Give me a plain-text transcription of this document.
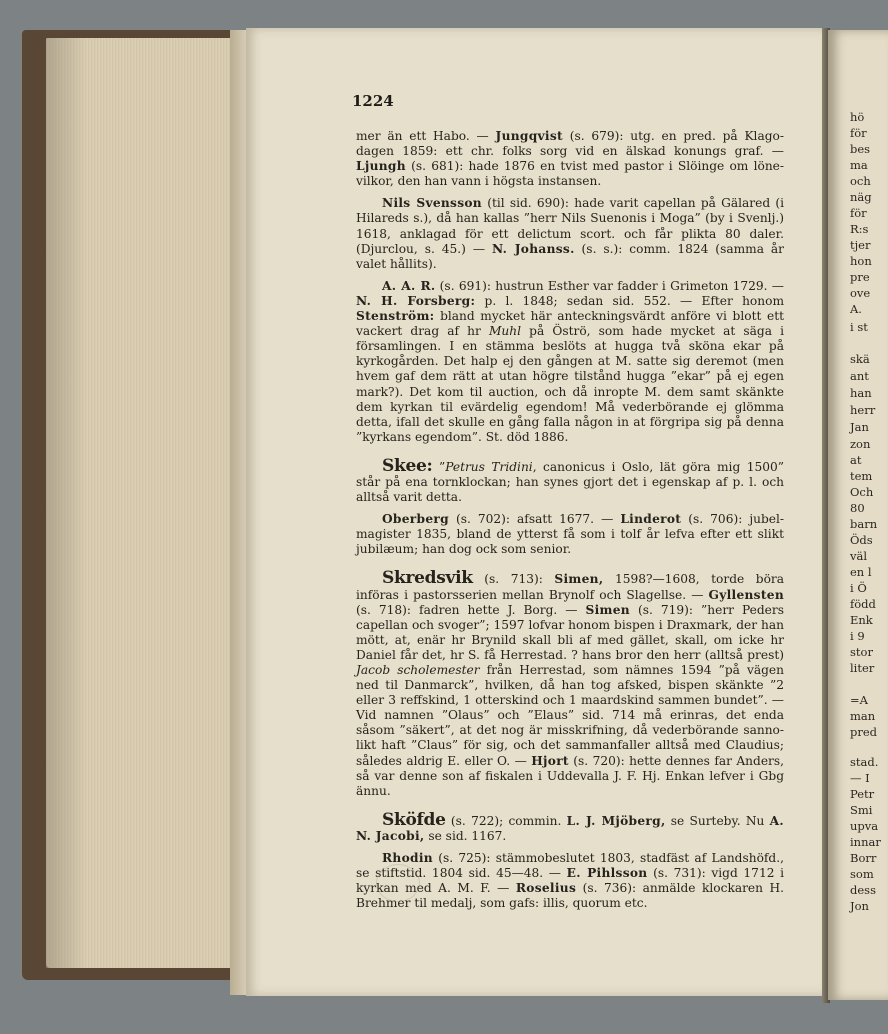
hö
för
bes
ma
och
näg
för
R:s
tjer
hon
pre
ove
A.
i st
skä
ant
han
herr
Jan
zon
at
tem
Och
80
barn
Öds
väl
en l
i Ö
född
Enk
i 9
stor
liter
=A
man
pred
stad.
— I
Petr
Smi
upva
innar
Borr
som
dess
Jon
1224

mer än ett Habo. — Jungqvist (s. 679): utg. en pred. på Klago-dagen 1859: ett chr. folks sorg vid en älskad konungs graf. — Ljungh (s. 681): hade 1876 en tvist med pastor i Slöinge om löne-vilkor, den han vann i högsta instansen.

Nils Svensson (til sid. 690): hade varit capellan på Gälared (i Hilareds s.), då han kallas ”herr Nils Suenonis i Moga” (by i Svenlj.) 1618, anklagad för ett delictum scort. och får plikta 80 daler. (Djurclou, s. 45.) — N. Johanss. (s. s.): comm. 1824 (samma år valet hållits).

A. A. R. (s. 691): hustrun Esther var fadder i Grimeton 1729. — N. H. Forsberg: p. l. 1848; sedan sid. 552. — Efter honom Stenström: bland mycket här anteckningsvärdt anföre vi blott ett vackert drag af hr Muhl på Öströ, som hade mycket at säga i församlingen. I en stämma beslöts at hugga två sköna ekar på kyrkogården. Det halp ej den gången at M. satte sig deremot (men hvem gaf dem rätt at utan högre tilstånd hugga ”ekar” på ej egen mark?). Det kom til auction, och då inropte M. dem samt skänkte dem kyrkan til evärdelig egendom! Må vederbörande ej glömma detta, ifall det skulle en gång falla någon in at förgripa sig på denna ”kyrkans egendom”. St. död 1886.

Skee: ”Petrus Tridini, canonicus i Oslo, lät göra mig 1500” står på ena tornklockan; han synes gjort det i egenskap af p. l. och alltså varit detta.

Oberberg (s. 702): afsatt 1677. — Linderot (s. 706): jubel-magister 1835, bland de ytterst få som i tolf år lefva efter ett slikt jubilæum; han dog ock som senior.

Skredsvik (s. 713): Simen, 1598?—1608, torde böra införas i pastorsserien mellan Brynolf och Slagellse. — Gyllensten (s. 718): fadren hette J. Borg. — Simen (s. 719): ”herr Peders capellan och svoger”; 1597 lofvar honom bispen i Draxmark, der han mött, at, enär hr Brynild skall bli af med gället, skall, om icke hr Daniel får det, hr S. få Herrestad. ? hans bror den herr (alltså prest) Jacob scholemester från Herrestad, som nämnes 1594 ”på vägen ned til Danmarck”, hvilken, då han tog afsked, bispen skänkte ”2 eller 3 reffskind, 1 otterskind och 1 maardskind sammen bundet”. — Vid namnen ”Olaus” och ”Elaus” sid. 714 må erinras, det enda såsom ”säkert”, at det nog är misskrifning, då vederbörande sanno-likt haft ”Claus” för sig, och det sammanfaller alltså med Claudius; således aldrig E. eller O. — Hjort (s. 720): hette dennes far Anders, så var denne son af fiskalen i Uddevalla J. F. Hj. Enkan lefver i Gbg ännu.

Sköfde (s. 722); commin. L. J. Mjöberg, se Surteby. Nu A. N. Jacobi, se sid. 1167.

Rhodin (s. 725): stämmobeslutet 1803, stadfäst af Landshöfd., se stiftstid. 1804 sid. 45—48. — E. Pihlsson (s. 731): vigd 1712 i kyrkan med A. M. F. — Roselius (s. 736): anmälde klockaren H. Brehmer til medalj, som gafs: illis, quorum etc.
